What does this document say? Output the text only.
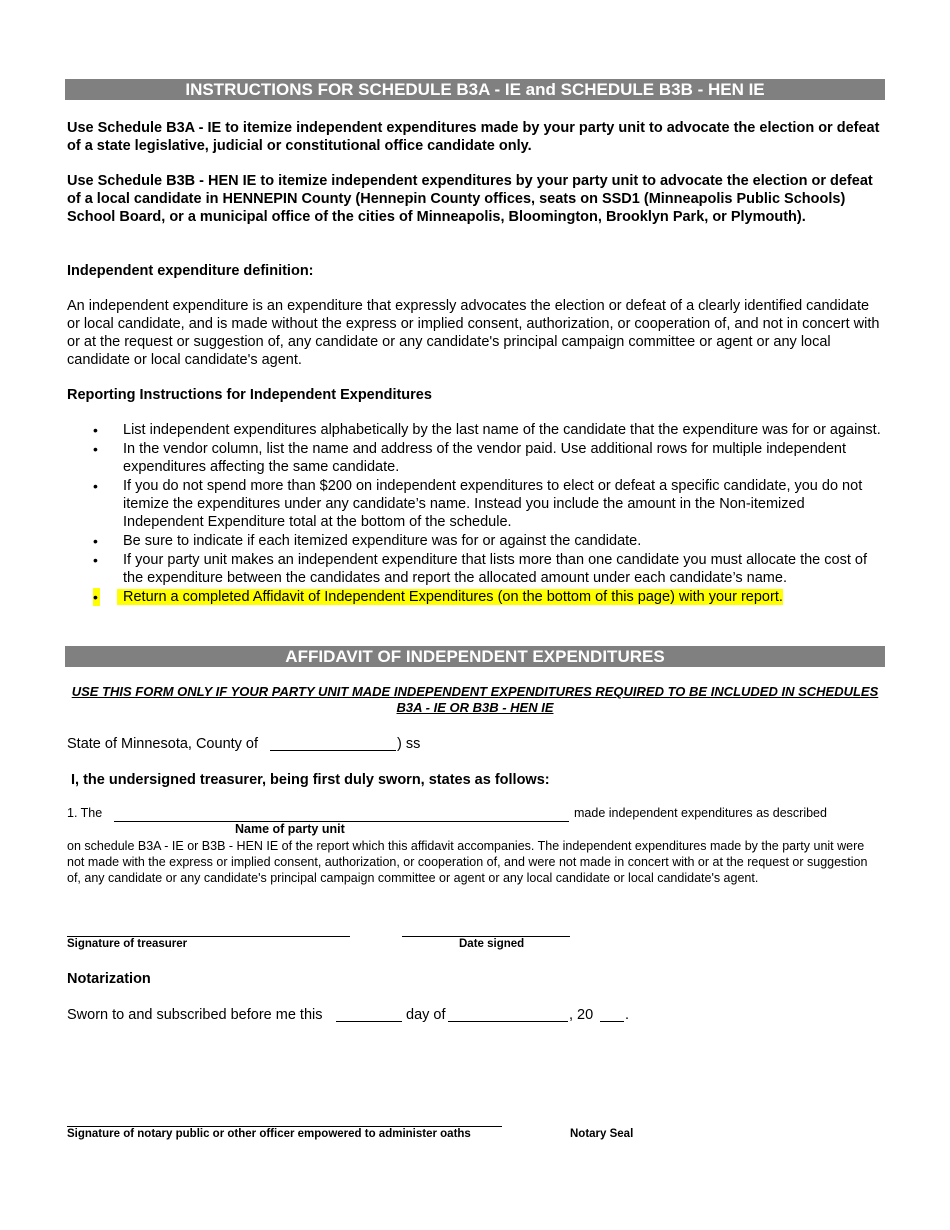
INSTRUCTIONS FOR SCHEDULE B3A - IE and SCHEDULE B3B - HEN IE
Use Schedule B3A - IE to itemize independent expenditures made by your party unit to advocate the election or defeat of a state legislative, judicial or constitutional office candidate only.
Use Schedule B3B - HEN IE to itemize independent expenditures by your party unit to advocate the election or defeat of a local candidate in HENNEPIN County (Hennepin County offices, seats on SSD1 (Minneapolis Public Schools) School Board, or a municipal office of the cities of Minneapolis, Bloomington, Brooklyn Park, or Plymouth).
Independent expenditure definition:
An independent expenditure is an expenditure that expressly advocates the election or defeat of a clearly identified candidate or local candidate, and is made without the express or implied consent, authorization, or cooperation of, and not in concert with or at the request or suggestion of, any candidate or any candidate's principal campaign committee or agent or any local candidate or local candidate's agent.
Reporting Instructions for Independent Expenditures
• List independent expenditures alphabetically by the last name of the candidate that the expenditure was for or against.
• In the vendor column, list the name and address of the vendor paid. Use additional rows for multiple independent expenditures affecting the same candidate.
• If you do not spend more than $200 on independent expenditures to elect or defeat a specific candidate, you do not itemize the expenditures under any candidate’s name. Instead you include the amount in the Non-itemized Independent Expenditure total at the bottom of the schedule.
• Be sure to indicate if each itemized expenditure was for or against the candidate.
• If your party unit makes an independent expenditure that lists more than one candidate you must allocate the cost of the expenditure between the candidates and report the allocated amount under each candidate’s name.
• Return a completed Affidavit of Independent Expenditures (on the bottom of this page) with your report.
AFFIDAVIT OF INDEPENDENT EXPENDITURES
USE THIS FORM ONLY IF YOUR PARTY UNIT MADE INDEPENDENT EXPENDITURES REQUIRED TO BE INCLUDED IN SCHEDULES B3A - IE OR B3B - HEN IE
State of Minnesota, County of	) ss
I, the undersigned treasurer, being first duly sworn, states as follows:
1. The	made independent expenditures as described
Name of party unit
on schedule B3A - IE or B3B - HEN IE of the report which this affidavit accompanies. The independent expenditures made by the party unit were not made with the express or implied consent, authorization, or cooperation of, and were not made in concert with or at the request or suggestion of, any candidate or any candidate's principal campaign committee or agent or any local candidate or local candidate's agent.
Signature of treasurer	Date signed
Notarization
Sworn to and subscribed before me this	day of	, 20	.
Signature of notary public or other officer empowered to administer oaths	Notary Seal
